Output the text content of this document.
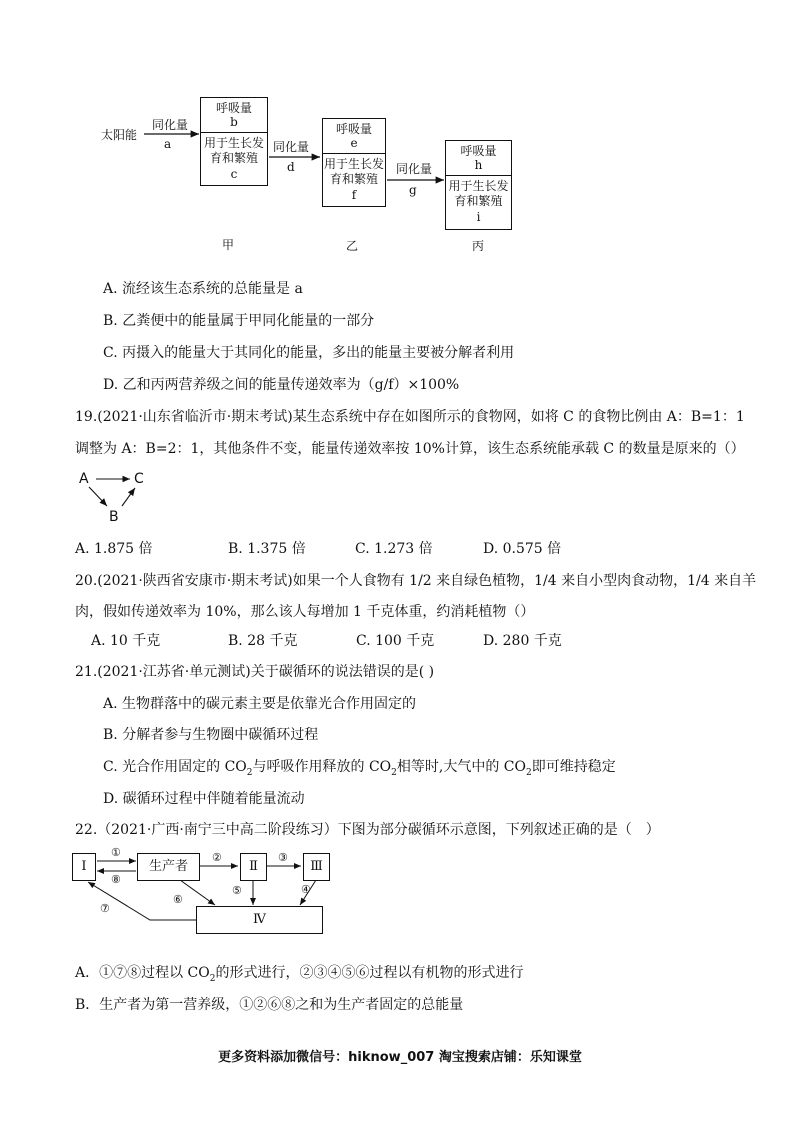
太阳能
同化量
a	同化量
d	同化量
g
呼吸量
b
用于生长发
育和繁殖
c
呼吸量
e
用于生长发
育和繁殖
f
呼吸量
h
用于生长发
育和繁殖
i
甲	乙	丙
A. 流经该生态系统的总能量是 a
B. 乙粪便中的能量属于甲同化能量的一部分
C. 丙摄入的能量大于其同化的能量，多出的能量主要被分解者利用
D. 乙和丙两营养级之间的能量传递效率为（g/f）×100%
19.(2021·山东省临沂市·期末考试)某生态系统中存在如图所示的食物网，如将 C 的食物比例由 A：B=1：1
调整为 A：B=2：1，其他条件不变，能量传递效率按 10%计算，该生态系统能承载 C 的数量是原来的（）
A	C
B
A. 1.875 倍	B. 1.375 倍	C. 1.273 倍	D. 0.575 倍
20.(2021·陕西省安康市·期末考试)如果一个人食物有 1/2 来自绿色植物，1/4 来自小型肉食动物，1/4 来自羊
肉，假如传递效率为 10%，那么该人每增加 1 千克体重，约消耗植物（）
A. 10 千克	B. 28 千克	C. 100 千克	D. 280 千克
21.(2021·江苏省·单元测试)关于碳循环的说法错误的是( )
A. 生物群落中的碳元素主要是依靠光合作用固定的
B. 分解者参与生物圈中碳循环过程
C. 光合作用固定的 $CO_2$与呼吸作用释放的 $CO_2$相等时,大气中的 $CO_2$即可维持稳定
D. 碳循环过程中伴随着能量流动
22.（2021·广西·南宁三中高二阶段练习）下图为部分碳循环示意图，下列叙述正确的是（　）
Ⅰ	生产者	Ⅱ	Ⅲ
Ⅳ
①	②	③
④
⑤
⑥
⑦
⑧
A．①⑦⑧过程以 $CO_2$的形式进行，②③④⑤⑥过程以有机物的形式进行
B．生产者为第一营养级，①②⑥⑧之和为生产者固定的总能量
更多资料添加微信号：hiknow_007 淘宝搜索店铺：乐知课堂
